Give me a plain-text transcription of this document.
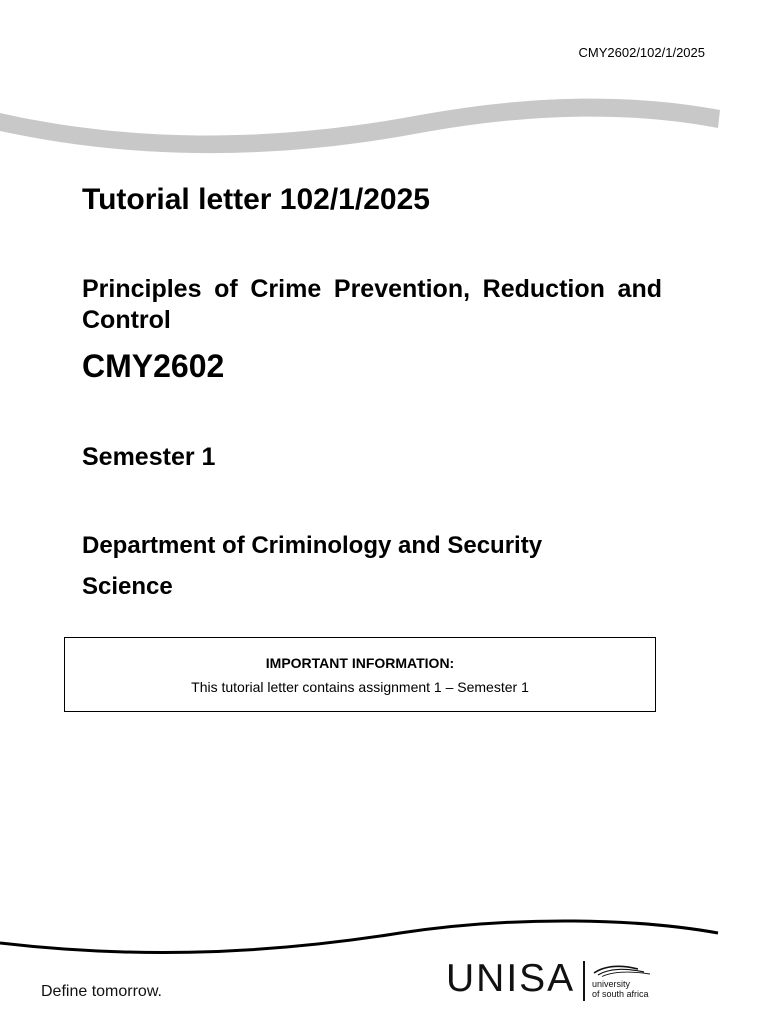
CMY2602/102/1/2025
Tutorial letter 102/1/2025

Principles of Crime Prevention, Reduction and Control

CMY2602
Semester 1

Department of Criminology and Security Science

IMPORTANT INFORMATION:
This tutorial letter contains assignment 1 – Semester 1
Define tomorrow.	UNISA university
of south africa
